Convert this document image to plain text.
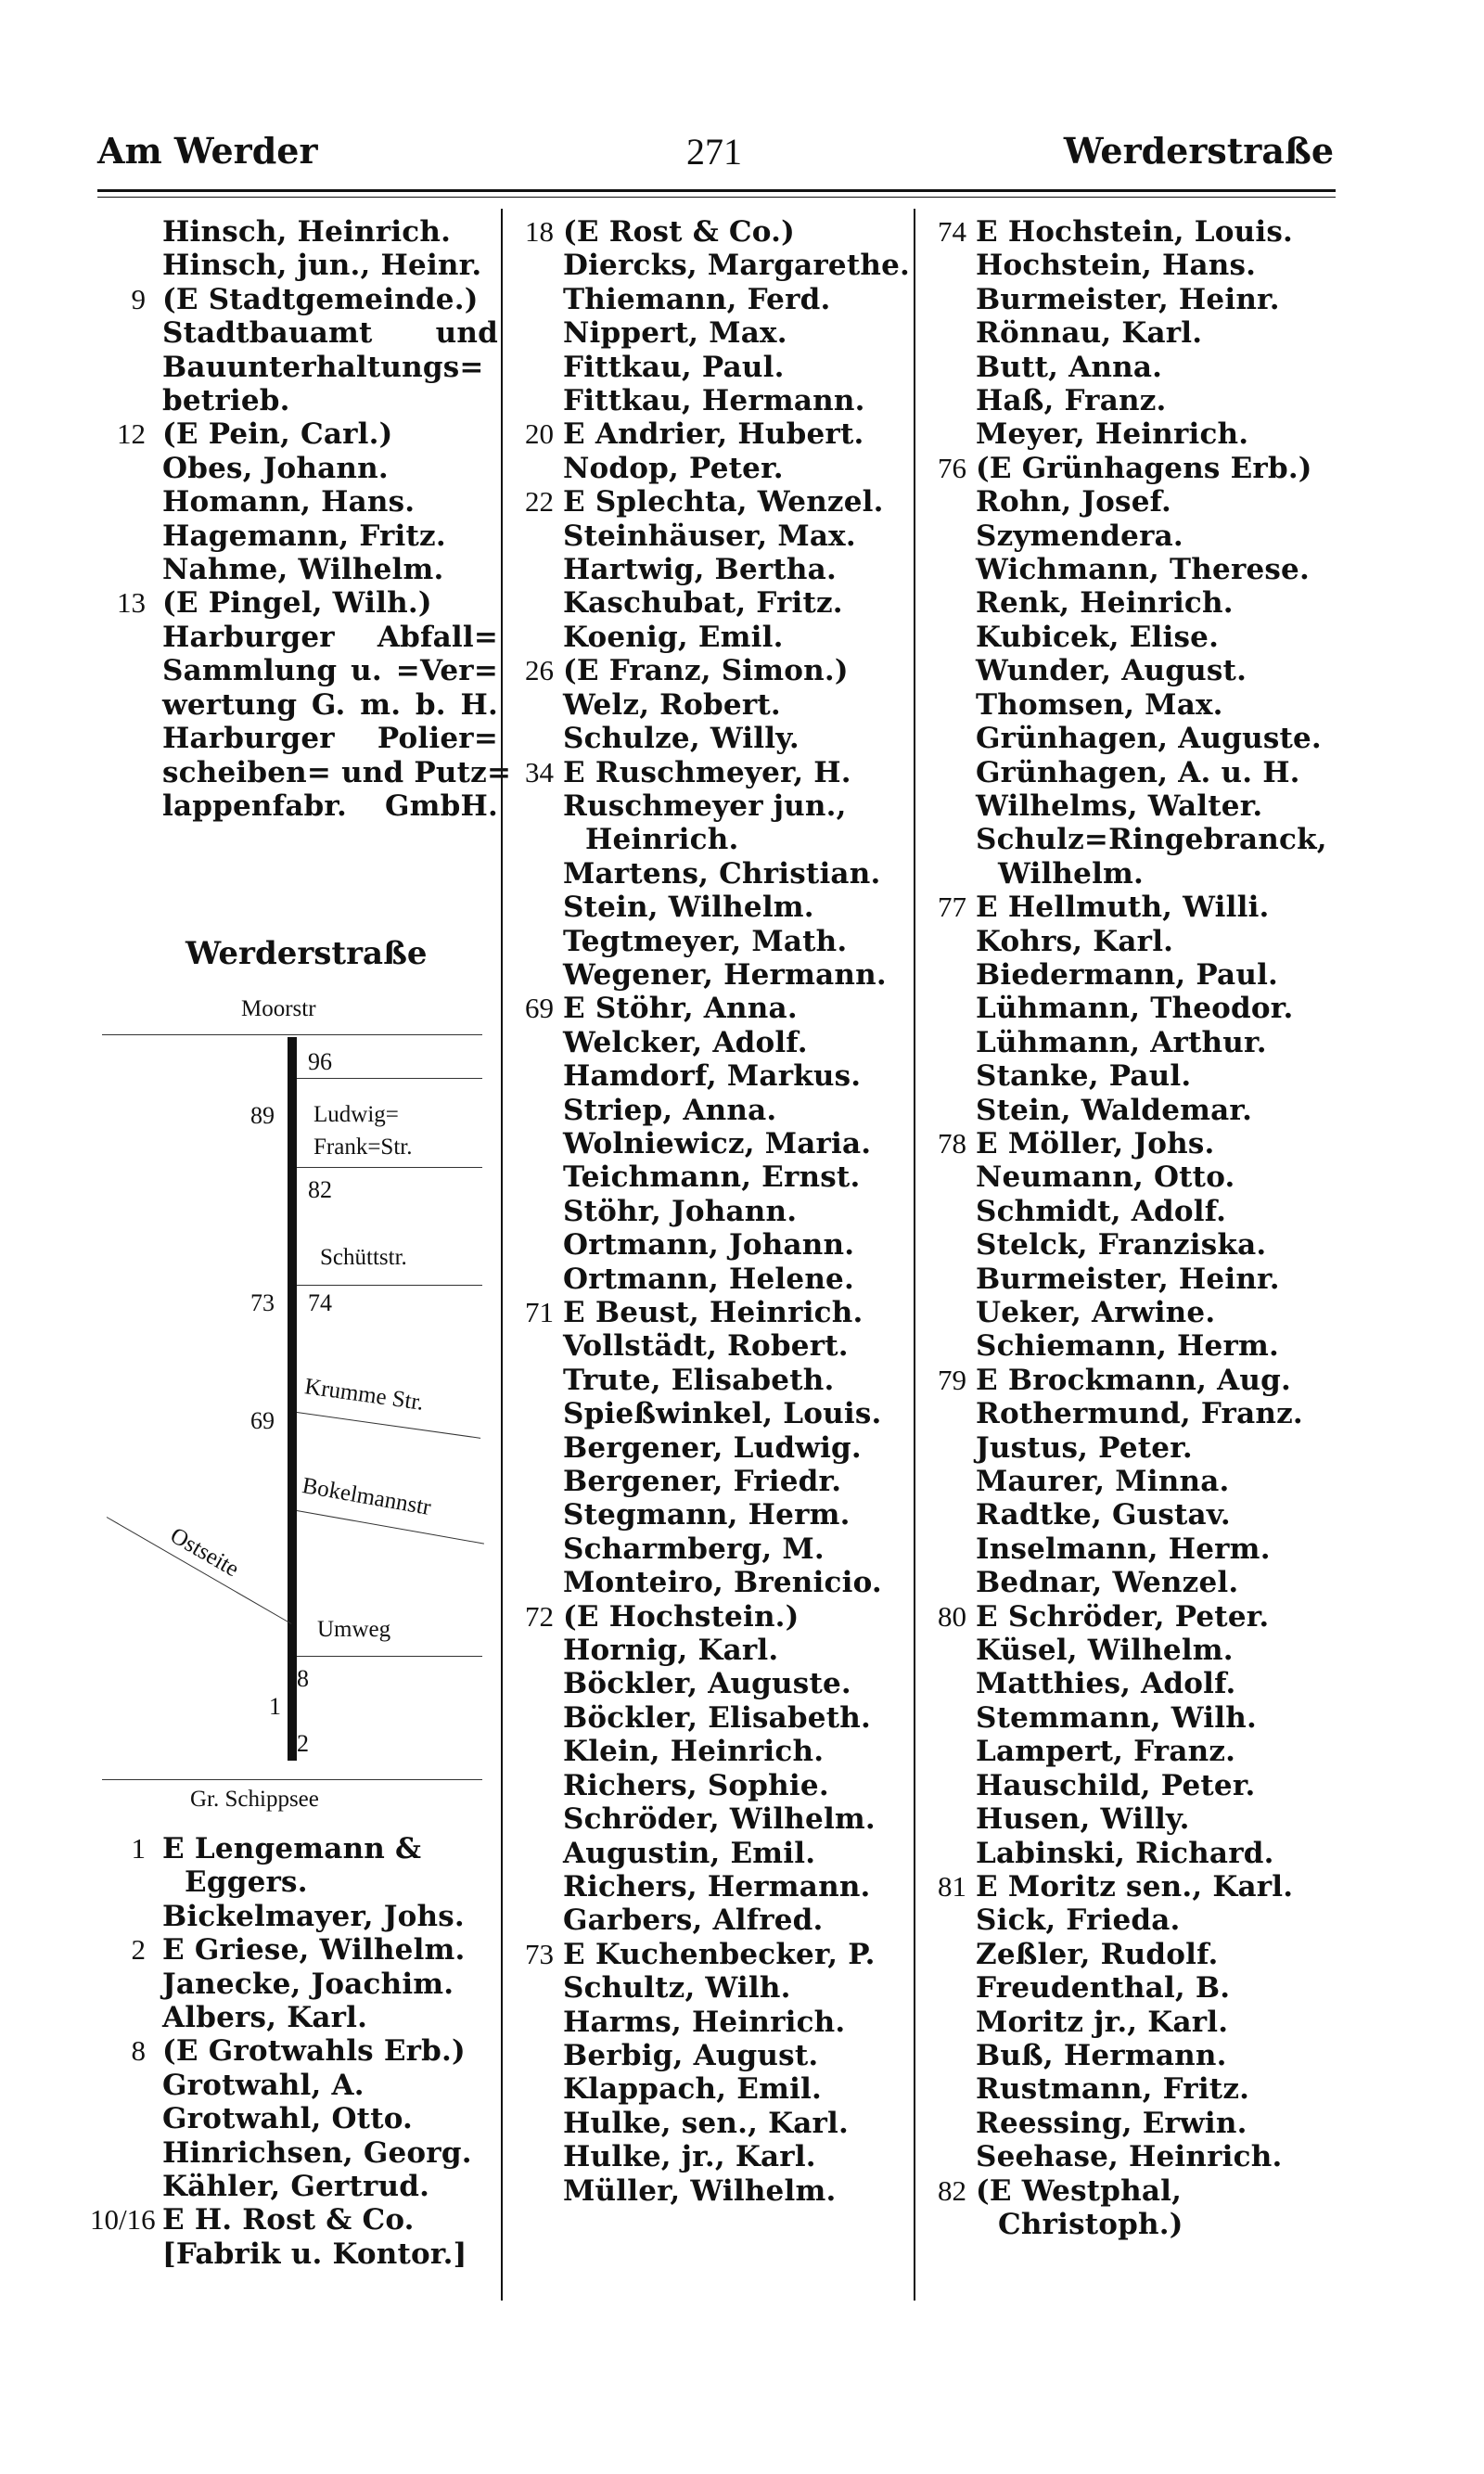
Am Werder	271	Werderstraße
Hinsch, Heinrich.
Hinsch, jun., Heinr.
9 (E Stadtgemeinde.)
Stadtbauamt und
Bauunterhaltungs=
betrieb.
12 (E Pein, Carl.)
Obes, Johann.
Homann, Hans.
Hagemann, Fritz.
Nahme, Wilhelm.
13 (E Pingel, Wilh.)
Harburger Abfall=
Sammlung u. =Ver=
wertung G. m. b. H.
Harburger Polier=
scheiben= und Putz=
lappenfabr. GmbH.
Werderstraße
Moorstr
96
89 Ludwig=
Frank=Str.
82
Schüttstr.
73 74
Krumme Str.
69
Bokelmannstr
Ostseite
Umweg
8
1
2
Gr. Schippsee
1 E Lengemann &
Eggers.
Bickelmayer, Johs.
2 E Griese, Wilhelm.
Janecke, Joachim.
Albers, Karl.
8 (E Grotwahls Erb.)
Grotwahl, A.
Grotwahl, Otto.
Hinrichsen, Georg.
Kähler, Gertrud.
10/16 E H. Rost & Co.
[Fabrik u. Kontor.]
18 (E Rost & Co.)
Diercks, Margarethe.
Thiemann, Ferd.
Nippert, Max.
Fittkau, Paul.
Fittkau, Hermann.
20 E Andrier, Hubert.
Nodop, Peter.
22 E Splechta, Wenzel.
Steinhäuser, Max.
Hartwig, Bertha.
Kaschubat, Fritz.
Koenig, Emil.
26 (E Franz, Simon.)
Welz, Robert.
Schulze, Willy.
34 E Ruschmeyer, H.
Ruschmeyer jun.,
Heinrich.
Martens, Christian.
Stein, Wilhelm.
Tegtmeyer, Math.
Wegener, Hermann.
69 E Stöhr, Anna.
Welcker, Adolf.
Hamdorf, Markus.
Striep, Anna.
Wolniewicz, Maria.
Teichmann, Ernst.
Stöhr, Johann.
Ortmann, Johann.
Ortmann, Helene.
71 E Beust, Heinrich.
Vollstädt, Robert.
Trute, Elisabeth.
Spießwinkel, Louis.
Bergener, Ludwig.
Bergener, Friedr.
Stegmann, Herm.
Scharmberg, M.
Monteiro, Brenicio.
72 (E Hochstein.)
Hornig, Karl.
Böckler, Auguste.
Böckler, Elisabeth.
Klein, Heinrich.
Richers, Sophie.
Schröder, Wilhelm.
Augustin, Emil.
Richers, Hermann.
Garbers, Alfred.
73 E Kuchenbecker, P.
Schultz, Wilh.
Harms, Heinrich.
Berbig, August.
Klappach, Emil.
Hulke, sen., Karl.
Hulke, jr., Karl.
Müller, Wilhelm.
74 E Hochstein, Louis.
Hochstein, Hans.
Burmeister, Heinr.
Rönnau, Karl.
Butt, Anna.
Haß, Franz.
Meyer, Heinrich.
76 (E Grünhagens Erb.)
Rohn, Josef.
Szymendera.
Wichmann, Therese.
Renk, Heinrich.
Kubicek, Elise.
Wunder, August.
Thomsen, Max.
Grünhagen, Auguste.
Grünhagen, A. u. H.
Wilhelms, Walter.
Schulz=Ringebranck,
Wilhelm.
77 E Hellmuth, Willi.
Kohrs, Karl.
Biedermann, Paul.
Lühmann, Theodor.
Lühmann, Arthur.
Stanke, Paul.
Stein, Waldemar.
78 E Möller, Johs.
Neumann, Otto.
Schmidt, Adolf.
Stelck, Franziska.
Burmeister, Heinr.
Ueker, Arwine.
Schiemann, Herm.
79 E Brockmann, Aug.
Rothermund, Franz.
Justus, Peter.
Maurer, Minna.
Radtke, Gustav.
Inselmann, Herm.
Bednar, Wenzel.
80 E Schröder, Peter.
Küsel, Wilhelm.
Matthies, Adolf.
Stemmann, Wilh.
Lampert, Franz.
Hauschild, Peter.
Husen, Willy.
Labinski, Richard.
81 E Moritz sen., Karl.
Sick, Frieda.
Zeßler, Rudolf.
Freudenthal, B.
Moritz jr., Karl.
Buß, Hermann.
Rustmann, Fritz.
Reessing, Erwin.
Seehase, Heinrich.
82 (E Westphal,
Christoph.)
